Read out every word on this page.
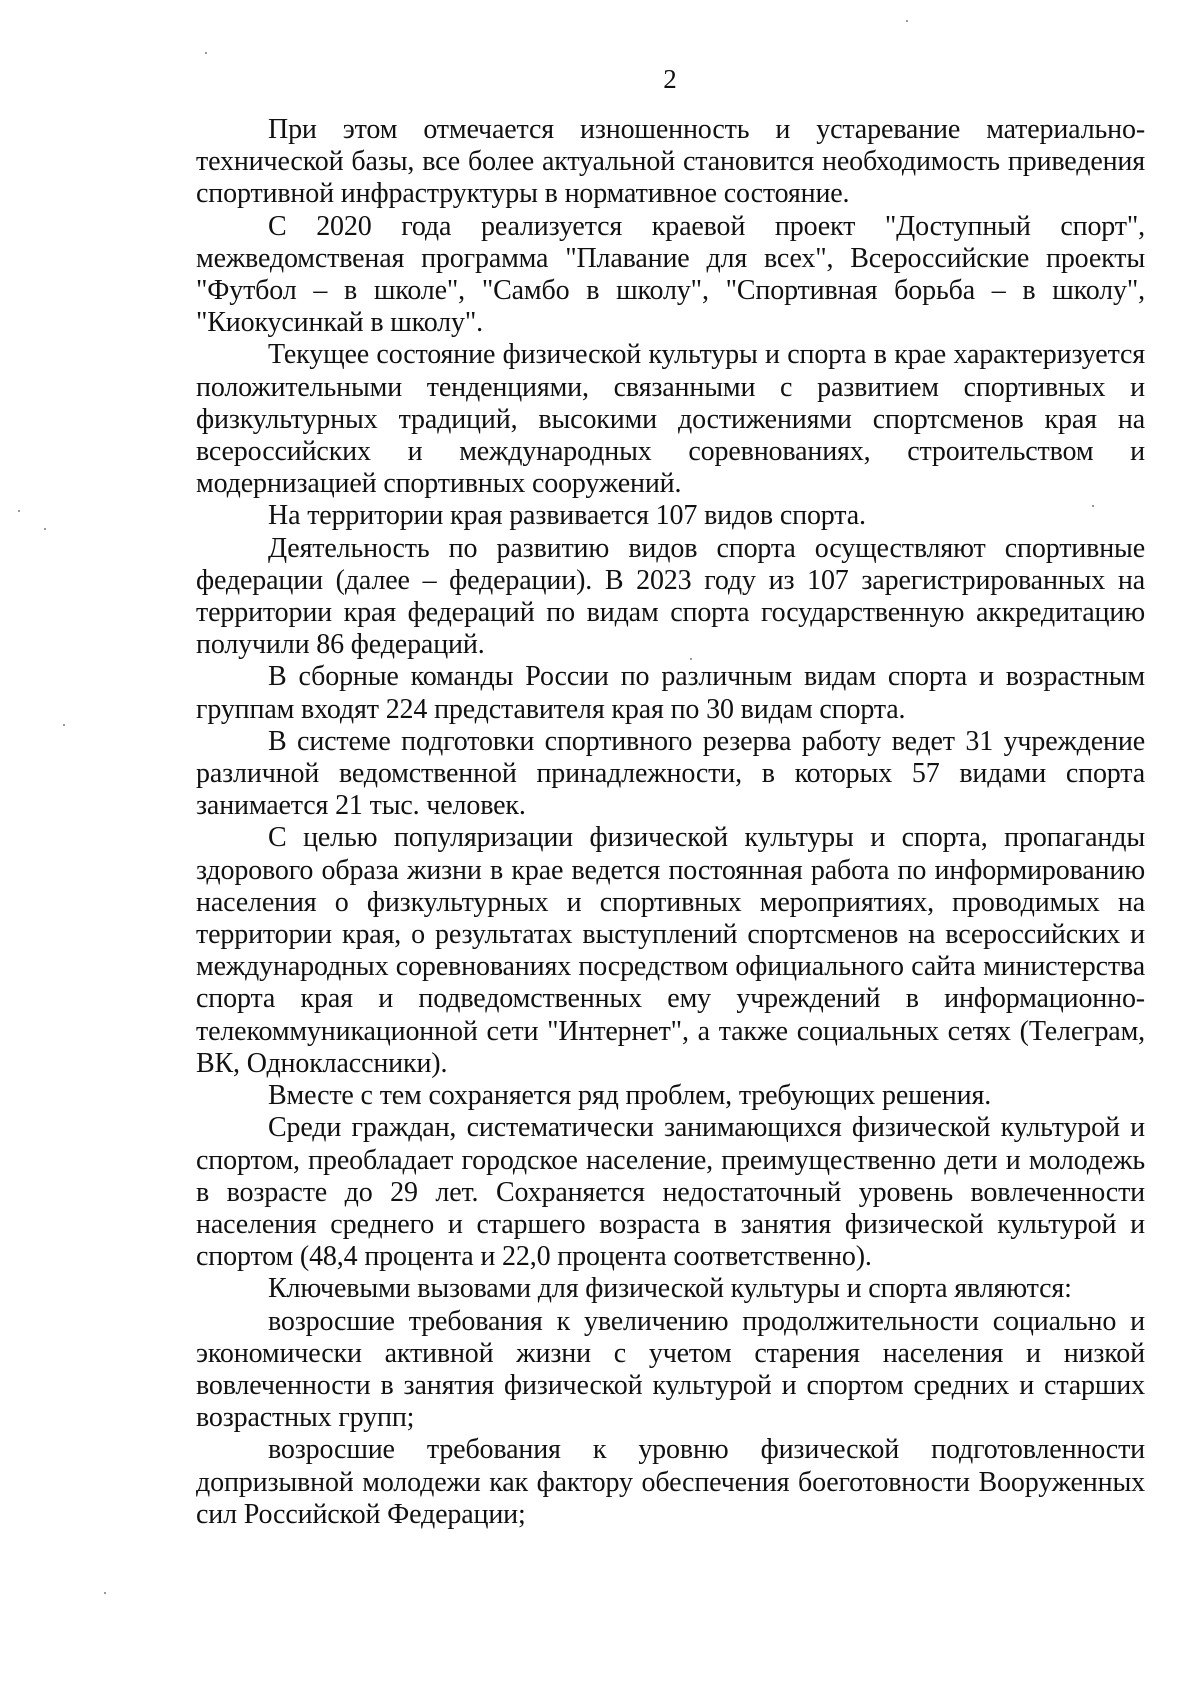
2

При этом отмечается изношенность и устаревание материально-технической базы, все более актуальной становится необходимость приведения спортивной инфраструктуры в нормативное состояние.

С 2020 года реализуется краевой проект "Доступный спорт", межведомственая программа "Плавание для всех", Всероссийские проекты "Футбол – в школе", "Самбо в школу", "Спортивная борьба – в школу", "Киокусинкай в школу".

Текущее состояние физической культуры и спорта в крае характеризуется положительными тенденциями, связанными с развитием спортивных и физкультурных традиций, высокими достижениями спортсменов края на всероссийских и международных соревнованиях, строительством и модернизацией спортивных сооружений.

На территории края развивается 107 видов спорта.

Деятельность по развитию видов спорта осуществляют спортивные федерации (далее – федерации). В 2023 году из 107 зарегистрированных на территории края федераций по видам спорта государственную аккредитацию получили 86 федераций.

В сборные команды России по различным видам спорта и возрастным группам входят 224 представителя края по 30 видам спорта.

В системе подготовки спортивного резерва работу ведет 31 учреждение различной ведомственной принадлежности, в которых 57 видами спорта занимается 21 тыс. человек.

С целью популяризации физической культуры и спорта, пропаганды здорового образа жизни в крае ведется постоянная работа по информированию населения о физкультурных и спортивных мероприятиях, проводимых на территории края, о результатах выступлений спортсменов на всероссийских и международных соревнованиях посредством официального сайта министерства спорта края и подведомственных ему учреждений в информационно-телекоммуникационной сети "Интернет", а также социальных сетях (Телеграм, ВК, Одноклассники).

Вместе с тем сохраняется ряд проблем, требующих решения.

Среди граждан, систематически занимающихся физической культурой и спортом, преобладает городское население, преимущественно дети и молодежь в возрасте до 29 лет. Сохраняется недостаточный уровень вовлеченности населения среднего и старшего возраста в занятия физической культурой и спортом (48,4 процента и 22,0 процента соответственно).

Ключевыми вызовами для физической культуры и спорта являются:

возросшие требования к увеличению продолжительности социально и экономически активной жизни с учетом старения населения и низкой вовлеченности в занятия физической культурой и спортом средних и старших возрастных групп;

возросшие требования к уровню физической подготовленности допризывной молодежи как фактору обеспечения боеготовности Вооруженных сил Российской Федерации;
